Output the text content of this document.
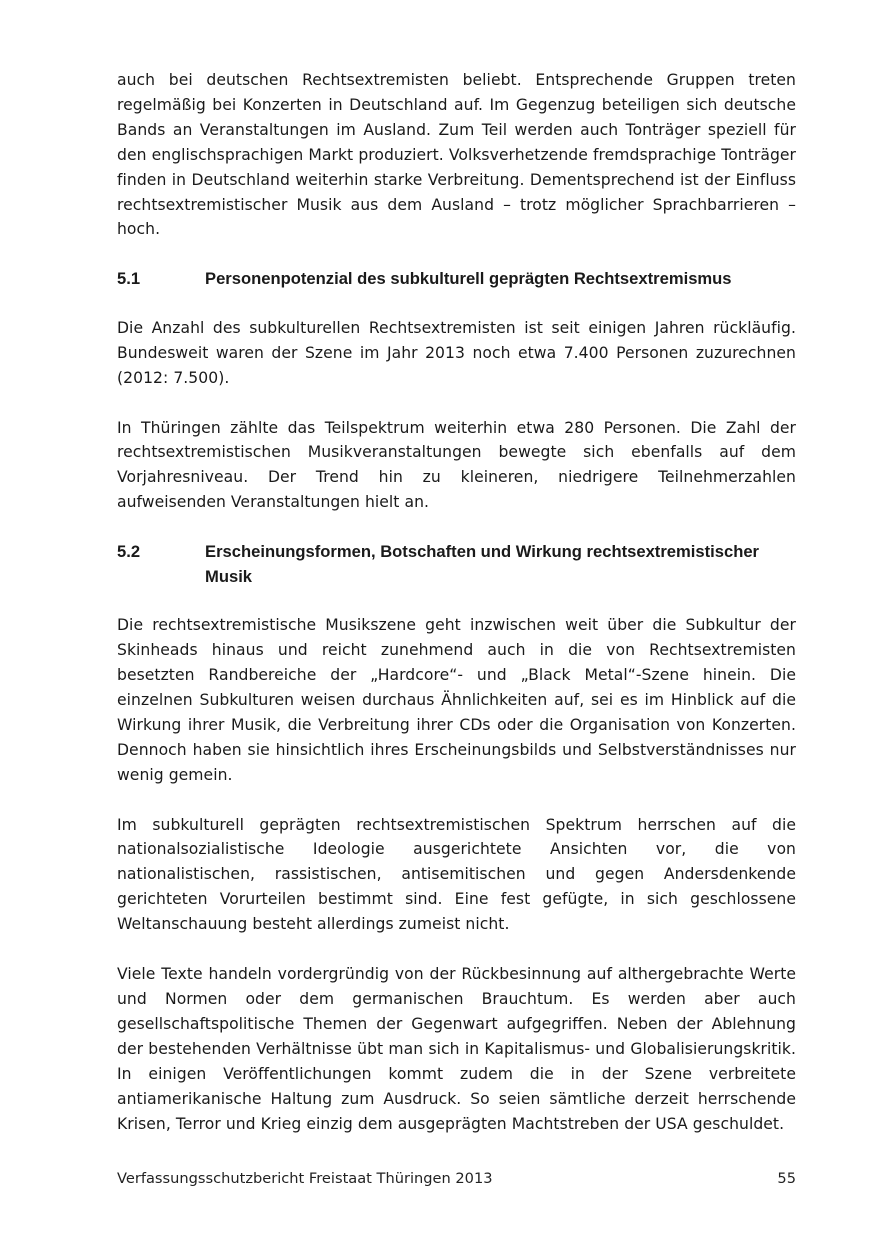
auch bei deutschen Rechtsextremisten beliebt. Entsprechende Gruppen treten regelmäßig bei Konzerten in Deutschland auf. Im Gegenzug beteiligen sich deutsche Bands an Veranstaltungen im Ausland. Zum Teil werden auch Tonträger speziell für den englischsprachigen Markt produziert. Volksverhetzende fremdsprachige Tonträger finden in Deutschland weiterhin starke Verbreitung. Dementsprechend ist der Einfluss rechtsextremistischer Musik aus dem Ausland – trotz möglicher Sprachbarrieren – hoch.

5.1	Personenpotenzial des subkulturell geprägten Rechtsextremismus

Die Anzahl des subkulturellen Rechtsextremisten ist seit einigen Jahren rückläufig. Bundesweit waren der Szene im Jahr 2013 noch etwa 7.400 Personen zuzurechnen (2012: 7.500).

In Thüringen zählte das Teilspektrum weiterhin etwa 280 Personen. Die Zahl der rechtsextremistischen Musikveranstaltungen bewegte sich ebenfalls auf dem Vorjahresniveau. Der Trend hin zu kleineren, niedrigere Teilnehmerzahlen aufweisenden Veranstaltungen hielt an.

5.2	Erscheinungsformen, Botschaften und Wirkung rechtsextremistischer Musik

Die rechtsextremistische Musikszene geht inzwischen weit über die Subkultur der Skinheads hinaus und reicht zunehmend auch in die von Rechtsextremisten besetzten Randbereiche der „Hardcore“- und „Black Metal“-Szene hinein. Die einzelnen Subkulturen weisen durchaus Ähnlichkeiten auf, sei es im Hinblick auf die Wirkung ihrer Musik, die Verbreitung ihrer CDs oder die Organisation von Konzerten. Dennoch haben sie hinsichtlich ihres Erscheinungsbilds und Selbstverständnisses nur wenig gemein.

Im subkulturell geprägten rechtsextremistischen Spektrum herrschen auf die nationalsozialistische Ideologie ausgerichtete Ansichten vor, die von nationalistischen, rassistischen, antisemitischen und gegen Andersdenkende gerichteten Vorurteilen bestimmt sind. Eine fest gefügte, in sich geschlossene Weltanschauung besteht allerdings zumeist nicht.

Viele Texte handeln vordergründig von der Rückbesinnung auf althergebrachte Werte und Normen oder dem germanischen Brauchtum. Es werden aber auch gesellschaftspolitische Themen der Gegenwart aufgegriffen. Neben der Ablehnung der bestehenden Verhältnisse übt man sich in Kapitalismus- und Globalisierungskritik. In einigen Veröffentlichungen kommt zudem die in der Szene verbreitete antiamerikanische Haltung zum Ausdruck. So seien sämtliche derzeit herrschende Krisen, Terror und Krieg einzig dem ausgeprägten Machtstreben der USA geschuldet.

Verfassungsschutzbericht Freistaat Thüringen 2013	55
